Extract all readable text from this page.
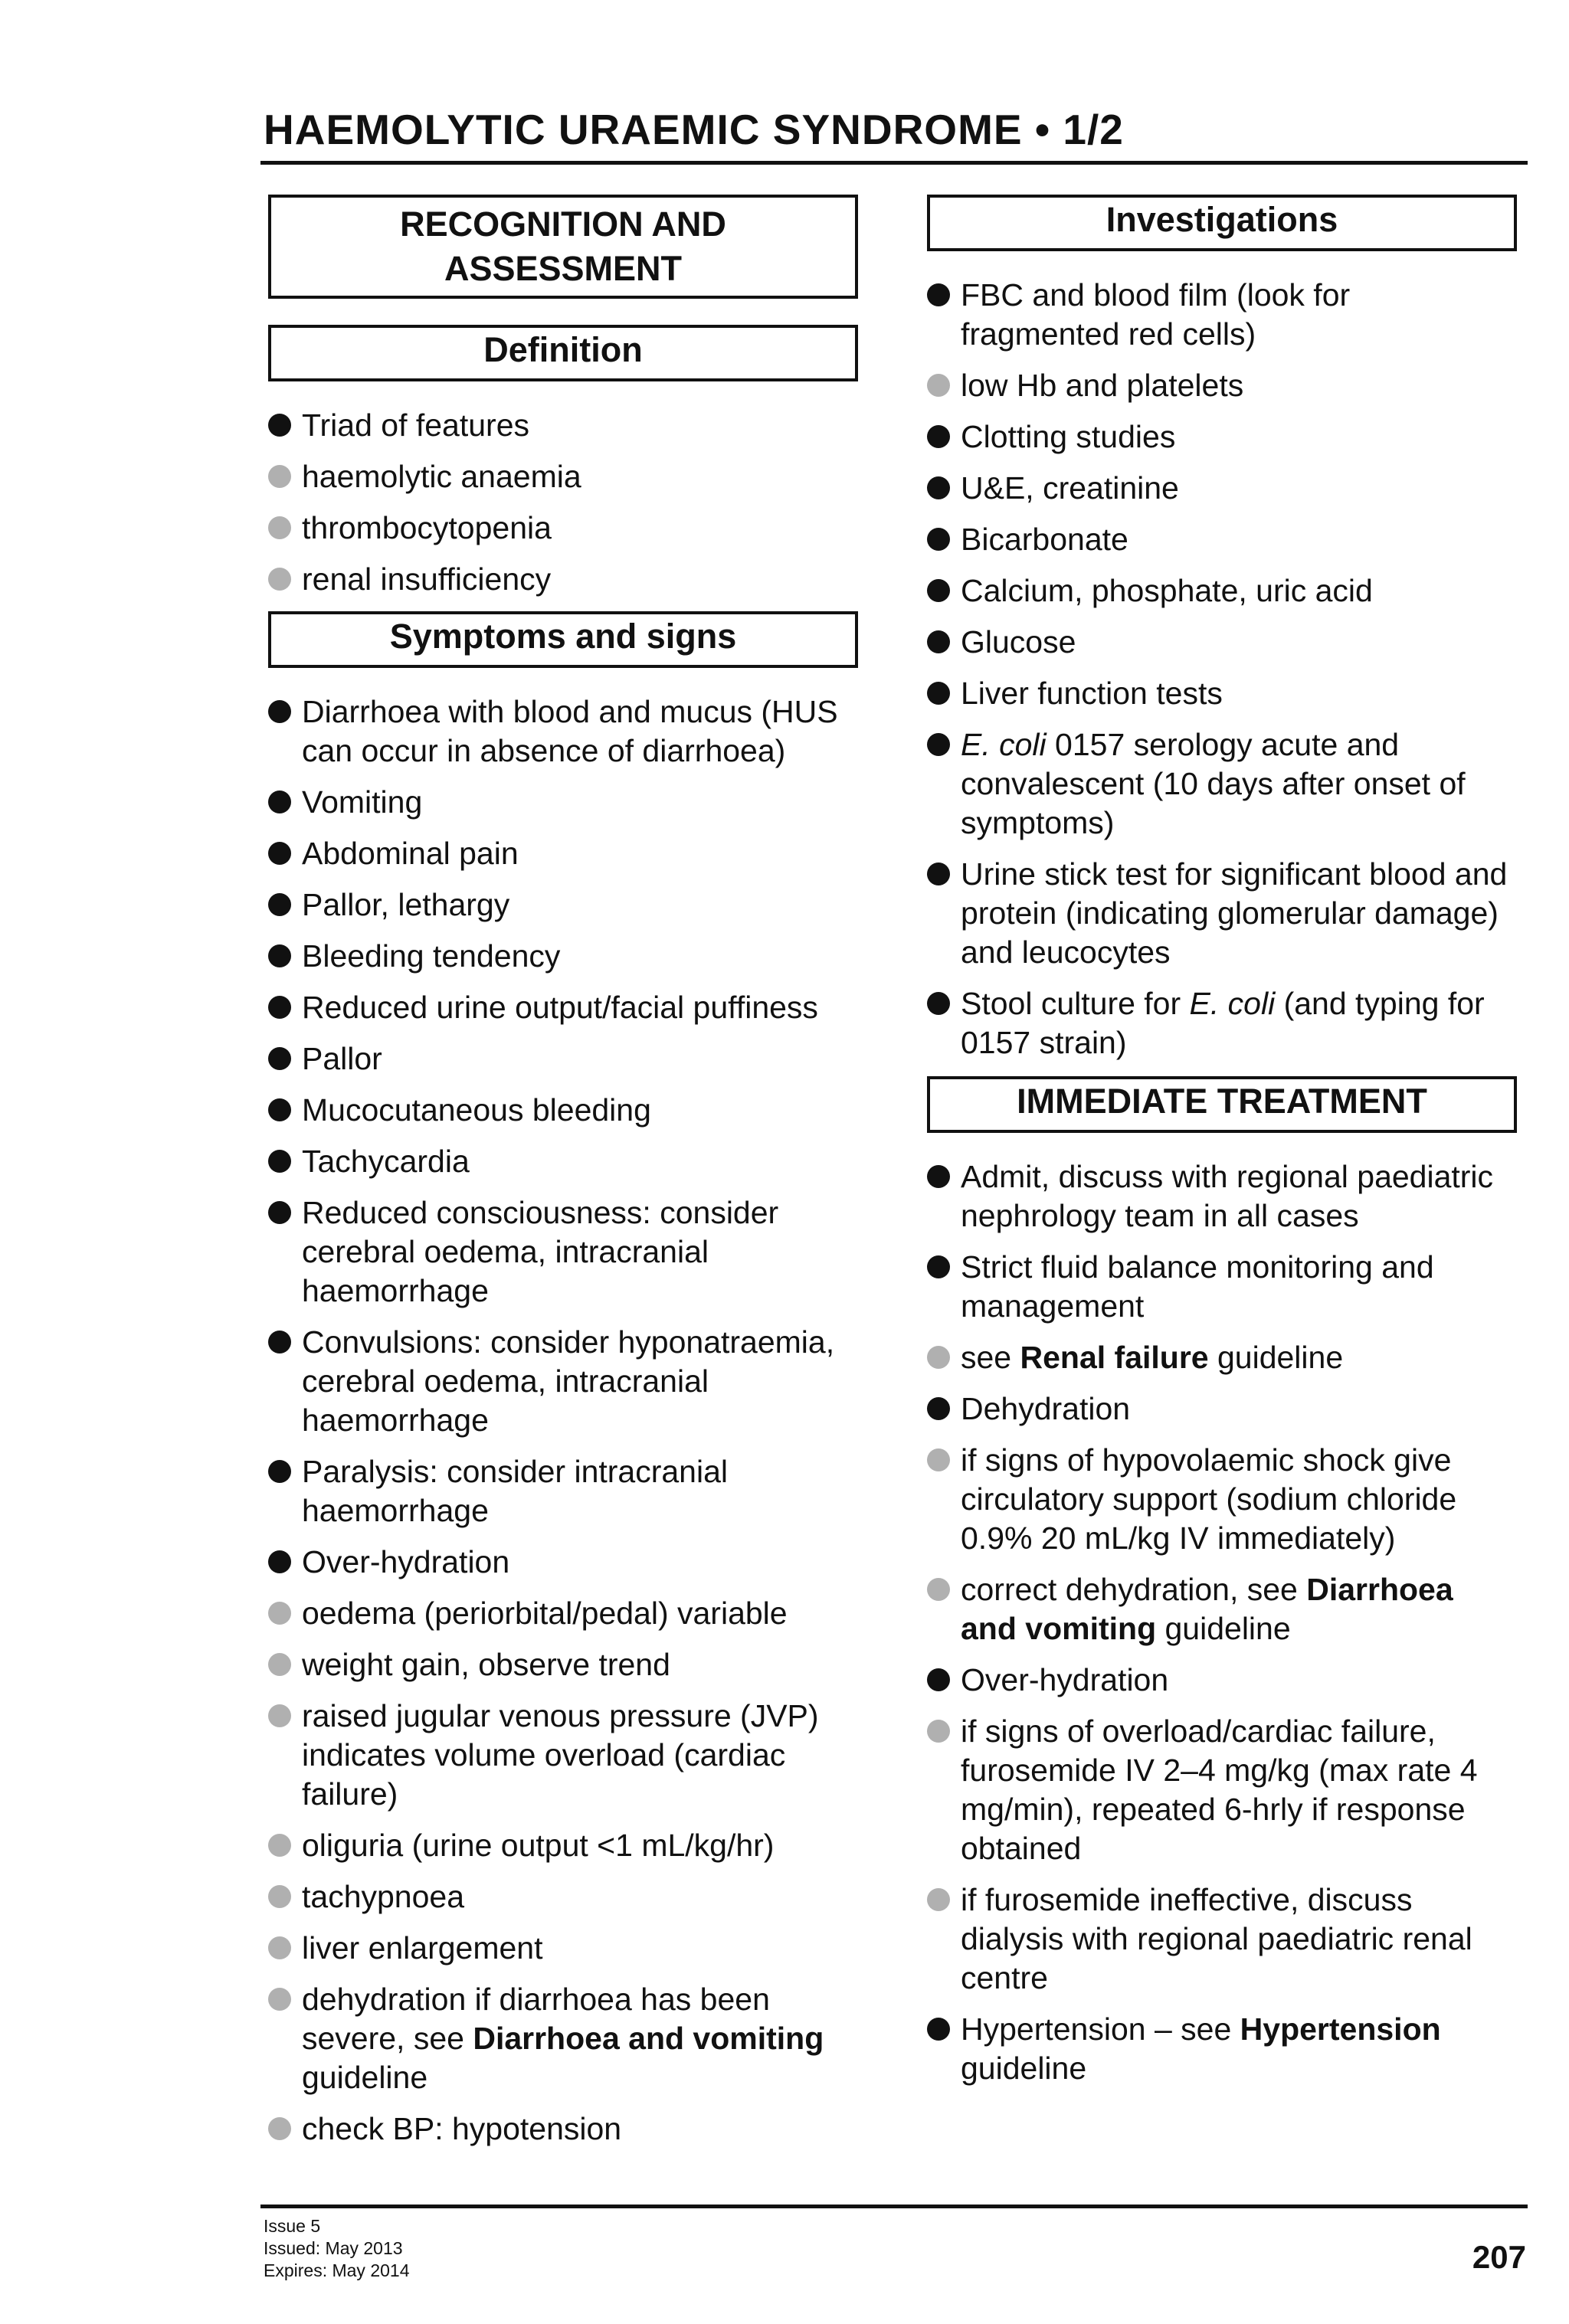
HAEMOLYTIC URAEMIC SYNDROME • 1/2
RECOGNITION AND
ASSESSMENT
Definition
Triad of features
haemolytic anaemia
thrombocytopenia
renal insufficiency
Symptoms and signs
Diarrhoea with blood and mucus (HUS can occur in absence of diarrhoea)
Vomiting
Abdominal pain
Pallor, lethargy
Bleeding tendency
Reduced urine output/facial puffiness
Pallor
Mucocutaneous bleeding
Tachycardia
Reduced consciousness: consider cerebral oedema, intracranial haemorrhage
Convulsions: consider hyponatraemia, cerebral oedema, intracranial haemorrhage
Paralysis: consider intracranial haemorrhage
Over-hydration
oedema (periorbital/pedal) variable
weight gain, observe trend
raised jugular venous pressure (JVP) indicates volume overload (cardiac failure)
oliguria (urine output <1 mL/kg/hr)
tachypnoea
liver enlargement
dehydration if diarrhoea has been severe, see Diarrhoea and vomiting guideline
check BP: hypotension
Investigations
FBC and blood film (look for fragmented red cells)
low Hb and platelets
Clotting studies
U&E, creatinine
Bicarbonate
Calcium, phosphate, uric acid
Glucose
Liver function tests
E. coli 0157 serology acute and convalescent (10 days after onset of symptoms)
Urine stick test for significant blood and protein (indicating glomerular damage) and leucocytes
Stool culture for E. coli (and typing for 0157 strain)
IMMEDIATE TREATMENT
Admit, discuss with regional paediatric nephrology team in all cases
Strict fluid balance monitoring and management
see Renal failure guideline
Dehydration
if signs of hypovolaemic shock give circulatory support (sodium chloride 0.9% 20 mL/kg IV immediately)
correct dehydration, see Diarrhoea and vomiting guideline
Over-hydration
if signs of overload/cardiac failure, furosemide IV 2–4 mg/kg (max rate 4 mg/min), repeated 6-hrly if response obtained
if furosemide ineffective, discuss dialysis with regional paediatric renal centre
Hypertension – see Hypertension guideline
Issue 5
Issued: May 2013
Expires: May 2014	207
